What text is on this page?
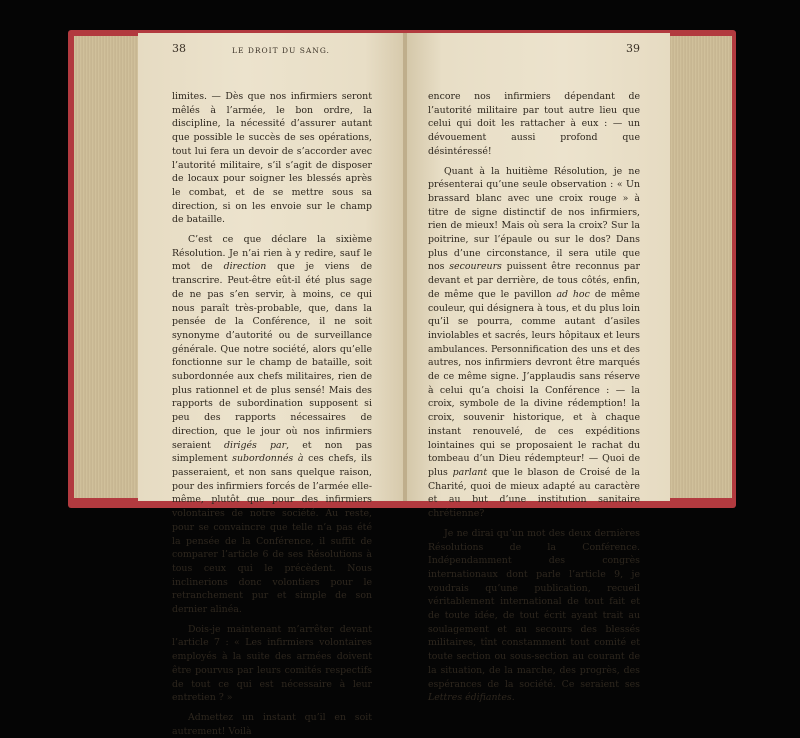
38	LE DROIT DU SANG.	39

limites. — Dès que nos infirmiers seront mêlés à l’armée, le bon ordre, la discipline, la nécessité d’assurer autant que possible le succès de ses opérations, tout lui fera un devoir de s’accorder avec l’autorité militaire, s’il s’agit de disposer de locaux pour soigner les blessés après le combat, et de se mettre sous sa direction, si on les envoie sur le champ de bataille.

C’est ce que déclare la sixième Résolution. Je n’ai rien à y redire, sauf le mot de direction que je viens de transcrire. Peut-être eût-il été plus sage de ne pas s’en servir, à moins, ce qui nous paraît très-probable, que, dans la pensée de la Conférence, il ne soit synonyme d’autorité ou de surveillance générale. Que notre société, alors qu’elle fonctionne sur le champ de bataille, soit subordonnée aux chefs militaires, rien de plus rationnel et de plus sensé! Mais des rapports de subordination supposent si peu des rapports nécessaires de direction, que le jour où nos infirmiers seraient dirigés par, et non pas simplement subordonnés à ces chefs, ils passeraient, et non sans quelque raison, pour des infirmiers forcés de l’armée elle-même, plutôt que pour des infirmiers volontaires de notre société. Au reste, pour se convaincre que telle n’a pas été la pensée de la Conférence, il suffit de comparer l’article 6 de ses Résolutions à tous ceux qui le précèdent. Nous inclinerions donc volontiers pour le retranchement pur et simple de son dernier alinéa.

Dois-je maintenant m’arrêter devant l’article 7 : « Les infirmiers volontaires employés à la suite des armées doivent être pourvus par leurs comités respectifs de tout ce qui est nécessaire à leur entretien ? »

Admettez un instant qu’il en soit autrement! Voilà

encore nos infirmiers dépendant de l’autorité militaire par tout autre lieu que celui qui doit les rattacher à eux : — un dévouement aussi profond que désintéressé!

Quant à la huitième Résolution, je ne présenterai qu’une seule observation : « Un brassard blanc avec une croix rouge » à titre de signe distinctif de nos infirmiers, rien de mieux! Mais où sera la croix? Sur la poitrine, sur l’épaule ou sur le dos? Dans plus d’une circonstance, il sera utile que nos secoureurs puissent être reconnus par devant et par derrière, de tous côtés, enfin, de même que le pavillon ad hoc de même couleur, qui désignera à tous, et du plus loin qu’il se pourra, comme autant d’asiles inviolables et sacrés, leurs hôpitaux et leurs ambulances. Personnification des uns et des autres, nos infirmiers devront être marqués de ce même signe. J’applaudis sans réserve à celui qu’a choisi la Conférence : — la croix, symbole de la divine rédemption! la croix, souvenir historique, et à chaque instant renouvelé, de ces expéditions lointaines qui se proposaient le rachat du tombeau d’un Dieu rédempteur! — Quoi de plus parlant que le blason de Croisé de la Charité, quoi de mieux adapté au caractère et au but d’une institution sanitaire chrétienne?

Je ne dirai qu’un mot des deux dernières Résolutions de la Conférence. Indépendamment des congrès internationaux dont parle l’article 9, je voudrais qu’une publication, recueil véritablement international de tout fait et de toute idée, de tout écrit ayant trait au soulagement et au secours des blessés militaires, tînt constamment tout comité et toute section ou sous-section au courant de la situation, de la marche, des progrès, des espérances de la société. Ce seraient ses Lettres édifiantes.
